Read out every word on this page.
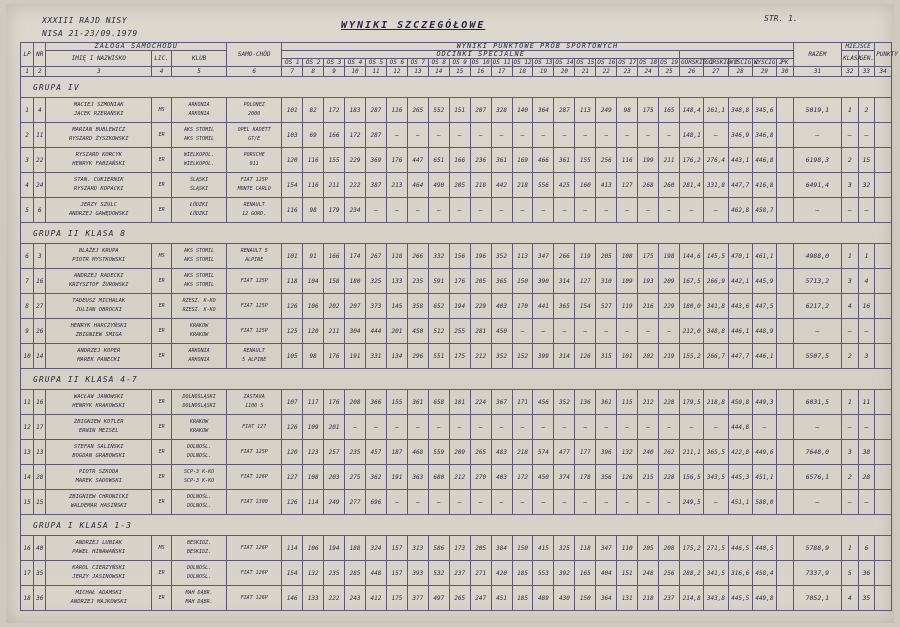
XXXIII RAJD NISY
NISA 21-23/09.1979
WYNIKI SZCZEGÓŁOWE
STR. 1.
LP	NR	ZAŁOGA SAMOCHODU			SAMO-CHÓD	WYNIKI PUNKTOWE PRÓB SPORTOWYCH																								RAZEM	MIEJSCE		PUNKTY
		IMIĘ I NAZWISKO	LIC.	KLUB		ODCINKI SPECJALNE																									KLASA	GEN.	
						OS 1	OS 2	OS 3	OS 4	OS 5	OS 6	OS 7	OS 8	OS 9	OS 10	OS 11	OS 12	OS 13	OS 14	OS 15	OS 16	OS 17	OS 18	OS 19	GÓRSKIE 1	GÓRSKIE 2	WYŚCIG 1	WYŚCIG 2	PK				
1	2	3	4	5	6	7	8	9	10	11	12	13	14	15	16	17	18	19	20	21	22	23	24	25	26	27	28	29	30	31	32	33	34
GRUPA IV																																	
1	4	MACIEJ SZMONIAK
JACEK RZERAŃSKI	MS	ARKONIA
ARKONIA	POLONEZ
2000	101	82	172	183	287	116	265	552	151	207	328	140	364	287	113	249	98	175	165	148,4	261,1	348,8	345,6		5019,1	1	2	
2	11	MARIAN BUBLEWICZ
RYSZARD ŻYSZKOWSKI	ER	AKS STOMIL
AKS STOMIL	OPEL KADETT
GT/E	103	69	166	172	287	—	—	—	—	—	—	—	—	—	—	—	—	—	—	148,1	—	346,9	346,8		—	—	—	
3	22	RYSZARD KORCYK
HENRYK FABIAŃSKI	ER	WIELKOPOL.
WIELKOPOL.	PORSCHE
911	120	116	155	229	369	176	447	651	166	236	361	169	466	361	155	256	116	199	211	176,2	276,4	443,1	446,8		6198,3	2	15	
4	24	STAN. CUKIERNIK
RYSZARD KOPACKI	ER	ŚLĄSKI
ŚLĄSKI	FIAT 125P
MONTE CARLO	154	116	211	222	387	213	464	490	205	218	442	218	556	425	160	413	127	268	260	281,4	331,8	447,7	416,8		6491,4	3	32	
5	6	JERZY SZULC
ANDRZEJ GAWĘDOWSKI	ER	ŁÓDZKI
ŁÓDZKI	RENAULT
12 GORD.	116	98	179	234	—	—	—	—	—	—	—	—	—	—	—	—	—	—	—	—	—	462,8	458,7		—	—	—	
GRUPA II KLASA 8																																	
6	3	BLAŻEJ KRUPA
PIOTR MYSTKOWSKI	MS	AKS STOMIL
AKS STOMIL	RENAULT 5
ALPINE	101	91	166	174	267	118	266	332	156	196	352	113	347	266	119	205	108	175	198	144,6	145,5	470,1	461,1		4988,0	1	1	
7	16	ANDRZEJ RADECKI
KRZYSZTOF ŻUROWSKI	ER	AKS STOMIL
AKS STOMIL	FIAT 125P	118	104	158	180	325	133	235	591	176	205	365	150	390	314	127	310	109	193	209	167,5	266,9	442,1	445,9		5713,2	3	4	
8	27	TADEUSZ MICHALAK
JULIAN OBROCKI	ER	RZESZ. K-KO
RZESZ. K-KO	FIAT 125P	126	106	202	207	373	145	358	652	194	229	403	170	441	365	154	527	119	216	229	180,0	341,8	443,6	447,5		6217,2	4	16	
9	26	HENRYK HARCZYŃSKI
ZBIGNIEW ŚMIGA	ER	KRAKOW
KRAKOW	FIAT 125P	125	120	211	304	444	201	450	512	255	281	450	—	—	—	—	—	—	—	—	212,0	348,8	446,1	448,9		—	—	—	
10	14	ANDRZEJ KOPER
MAREK PANECKI	ER	ARKONIA
ARKONIA	RENAULT
5 ALPINE	105	98	176	191	331	134	296	551	175	212	352	152	399	314	126	315	101	202	219	155,2	266,7	447,7	446,1		5507,5	2	3	
GRUPA II KLASA 4-7																																	
11	16	WACŁAW JANOWSKI
HENRYK KRAKOWSKI	ER	DOLNOŚLĄSKI
DOLNOŚLĄSKI	ZASTAVA
1100 S	107	117	176	208	366	155	361	658	181	224	367	171	456	352	136	361	115	212	228	179,5	218,8	450,8	449,3		6031,5	1	11	
12	17	ZBIGNIEW KOTLER
ERWIN MEISEL	ER	KRAKOW
KRAKOW	FIAT 127	126	109	201	—	—	—	—	—	—	—	—	—	—	—	—	—	—	—	—	—	—	444,8	—		—	—	—	
13	13	STEFAN SALIŃSKI
BOGDAN GRABOWSKI	ER	DOLNOŚL.
DOLNOŚL.	FIAT 125P	120	123	257	235	457	187	468	559	209	265	483	218	574	477	177	396	132	240	262	211,1	365,5	422,8	449,6		7648,0	3	38	
14	28	PIOTR SZKODA
MAREK SADOWSKI	ER	SCP-3 K-KO
SCP-3 K-KO	FIAT 126P	127	108	203	275	362	191	363	680	212	270	403	172	450	374	178	356	126	215	228	156,5	343,5	445,3	451,1		6576,1	2	28	
15	15	ZBIGNIEW CHRONICKI
WALDEMAR HASIŃSKI	ER	DOLNOŚL.
DOLNOŚL.	FIAT 1300	126	114	249	277	696	—	—	—	—	—	—	—	—	—	—	—	—	—	—	249,5	—	451,1	588,0		—	—	—	
GRUPA I KLASA 1-3																																	
16	40	ANDRZEJ LUBIAK
PAWEŁ HINAWAŃSKI	MS	BESKIDZ.
BESKIDZ.	FIAT 126P	114	106	194	188	324	157	313	586	173	205	384	150	415	325	118	347	110	205	208	175,2	271,5	446,5	440,5		5788,9	1	6	
17	35	KAROL CIERZYŃSKI
JERZY JASINOWSKI	ER	DOLNOŚL.
DOLNOŚL.	FIAT 126P	154	132	235	285	448	157	393	532	237	271	420	185	553	392	165	404	151	248	256	288,2	341,5	316,6	458,4		7337,9	5	36	
18	36	MICHAŁ ADAMSKI
ANDRZEJ MAJKOWSKI	ER	MAH DĄBR.
MAH DĄBR.	FIAT 126P	146	133	222	243	412	175	377	497	265	247	451	185	489	430	150	364	131	218	237	214,8	343,8	445,5	449,8		7052,1	4	35	
